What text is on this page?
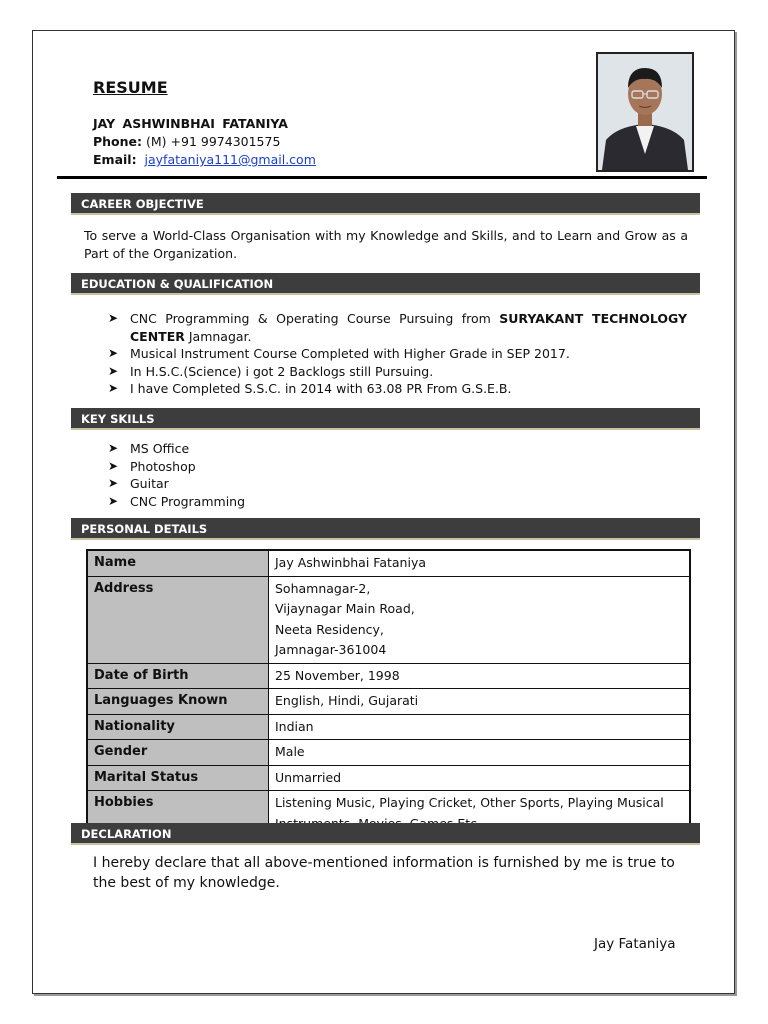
RESUME
JAY ASHWINBHAI FATANIYA
Phone: (M) +91 9974301575
Email: jayfataniya111@gmail.com
CAREER OBJECTIVE
To serve a World-Class Organisation with my Knowledge and Skills, and to Learn and Grow as a Part of the Organization.
EDUCATION & QUALIFICATION
➤ CNC Programming & Operating Course Pursuing from SURYAKANT TECHNOLOGY CENTER Jamnagar.
➤ Musical Instrument Course Completed with Higher Grade in SEP 2017.
➤ In H.S.C.(Science) i got 2 Backlogs still Pursuing.
➤ I have Completed S.S.C. in 2014 with 63.08 PR From G.S.E.B.
KEY SKILLS
➤ MS Office
➤ Photoshop
➤ Guitar
➤ CNC Programming
PERSONAL DETAILS
Name	Jay Ashwinbhai Fataniya

Address	Sohamnagar-2,
Vijaynagar Main Road,
Neeta Residency,
Jamnagar-361004

Date of Birth	25 November, 1998

Languages Known	English, Hindi, Gujarati

Nationality	Indian

Gender	Male

Marital Status	Unmarried

Hobbies	Listening Music, Playing Cricket, Other Sports, Playing Musical
DECLARATION
I hereby declare that all above-mentioned information is furnished by me is true to the best of my knowledge.
Jay Fataniya
